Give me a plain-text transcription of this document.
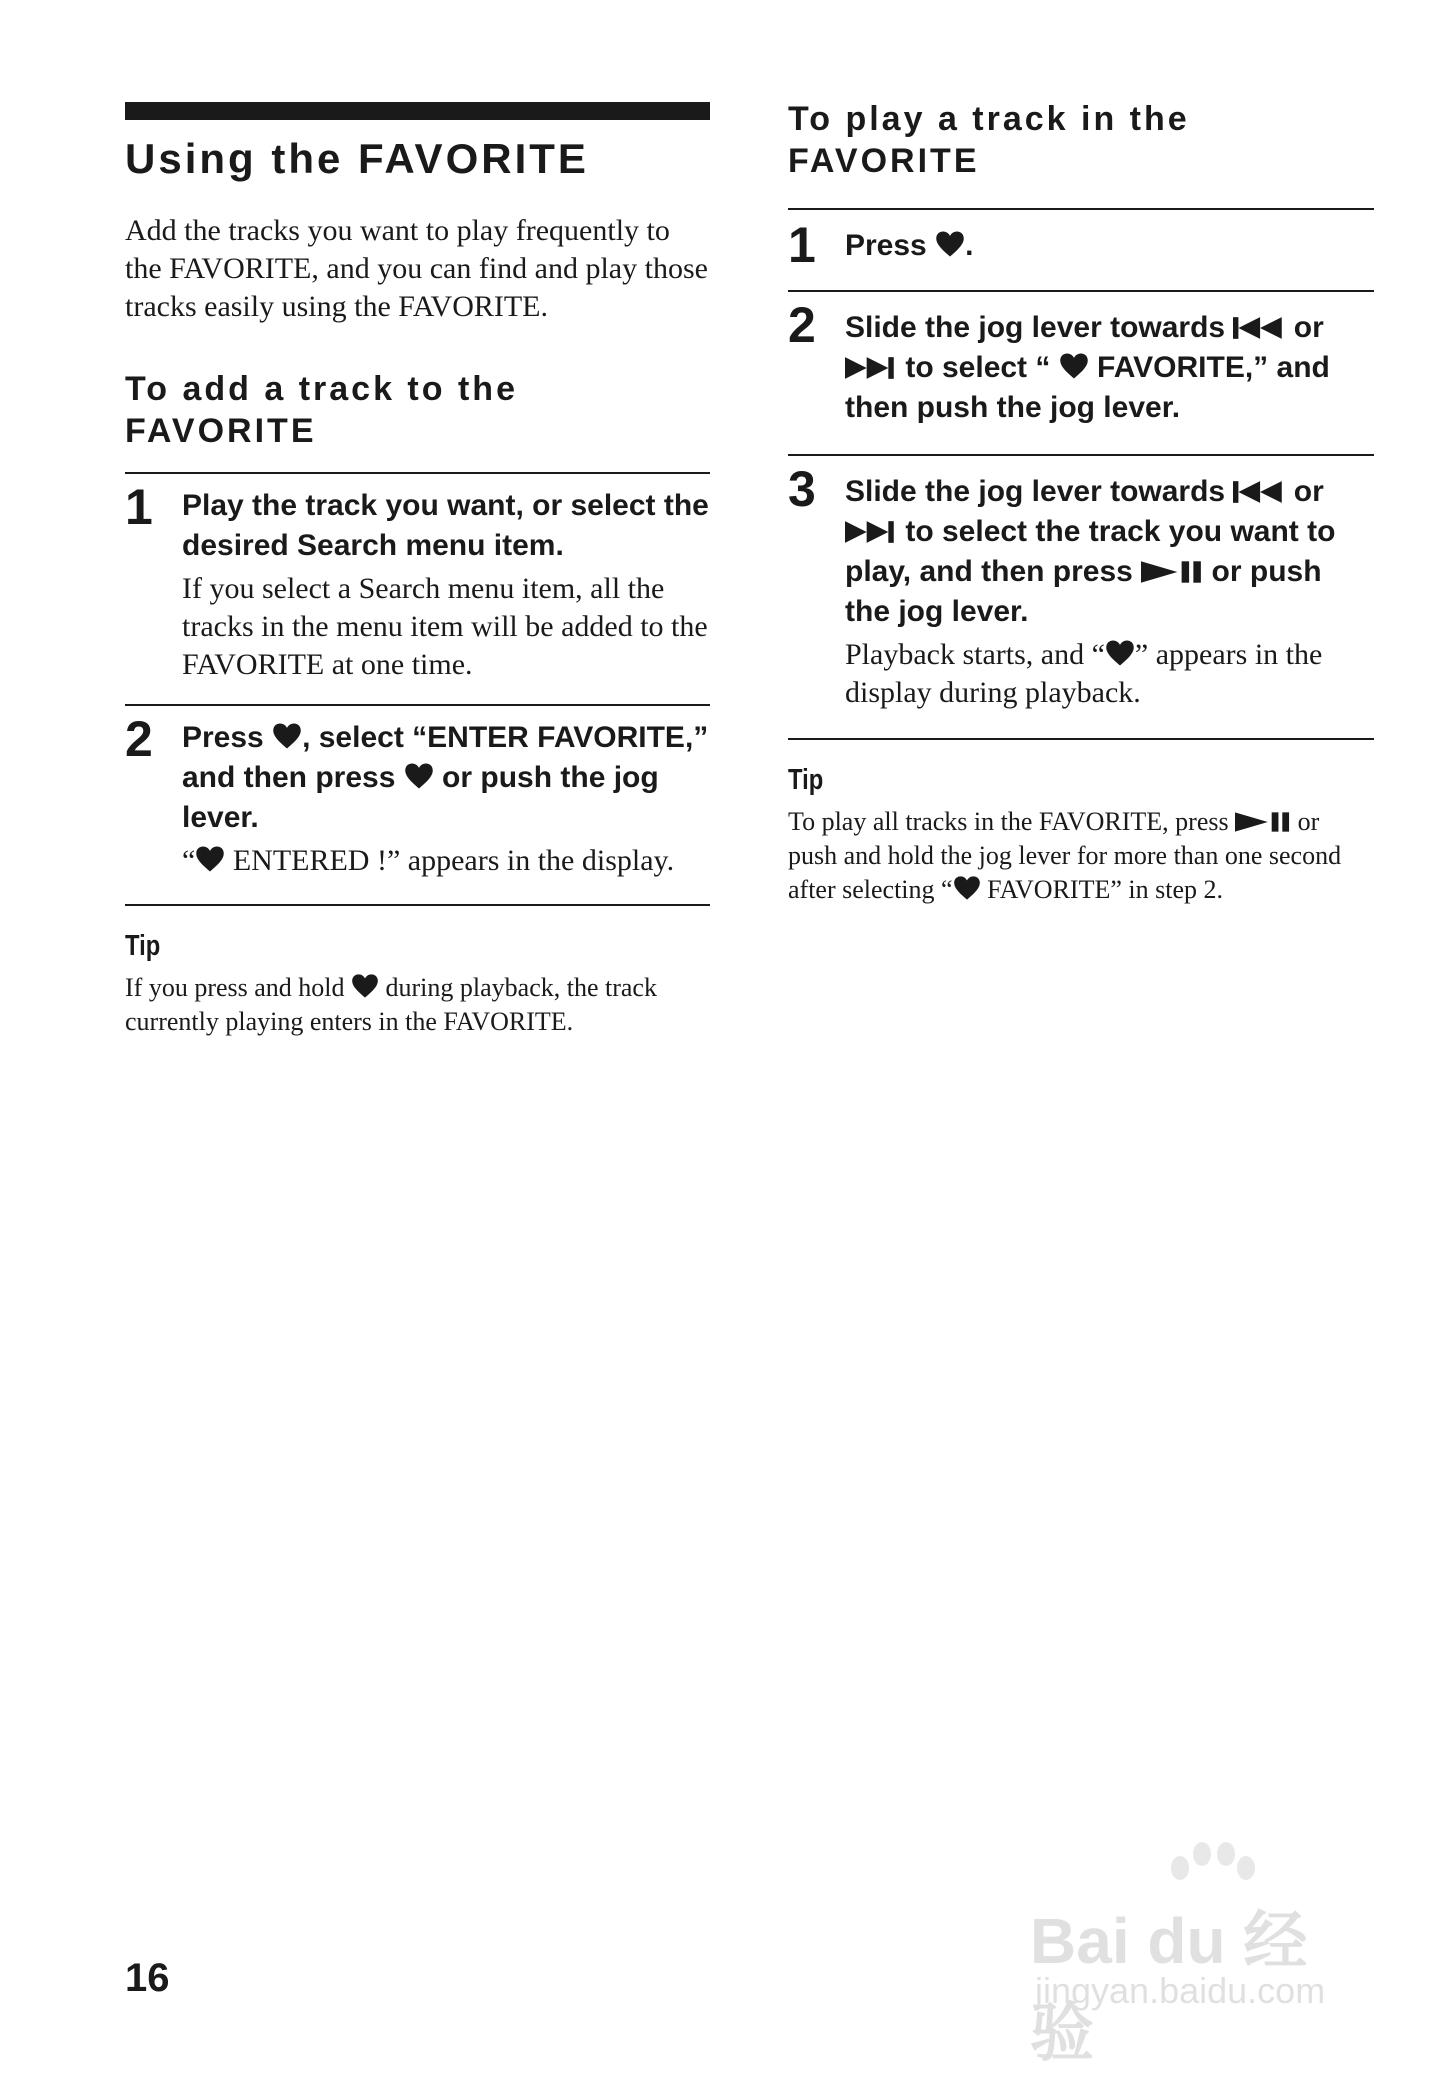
Using the FAVORITE
Add the tracks you want to play frequently to the FAVORITE, and you can find and play those tracks easily using the FAVORITE.
To add a track to the
FAVORITE
1 Play the track you want, or select the desired Search menu item.
If you select a Search menu item, all the tracks in the menu item will be added to the FAVORITE at one time.
2 Press , select “ENTER FAVORITE,” and then press  or push the jog lever.
“ ENTERED !” appears in the display.
Tip
If you press and hold  during playback, the track currently playing enters in the FAVORITE.
To play a track in the
FAVORITE
1 Press .
2 Slide the jog lever towards  or  to select “  FAVORITE,” and then push the jog lever.
3 Slide the jog lever towards  or  to select the track you want to play, and then press  or push the jog lever.
Playback starts, and “ ” appears in the display during playback.
Tip
To play all tracks in the FAVORITE, press  or push and hold the jog lever for more than one second after selecting “ FAVORITE” in step 2.
16
Bai du 经验
jingyan.baidu.com
